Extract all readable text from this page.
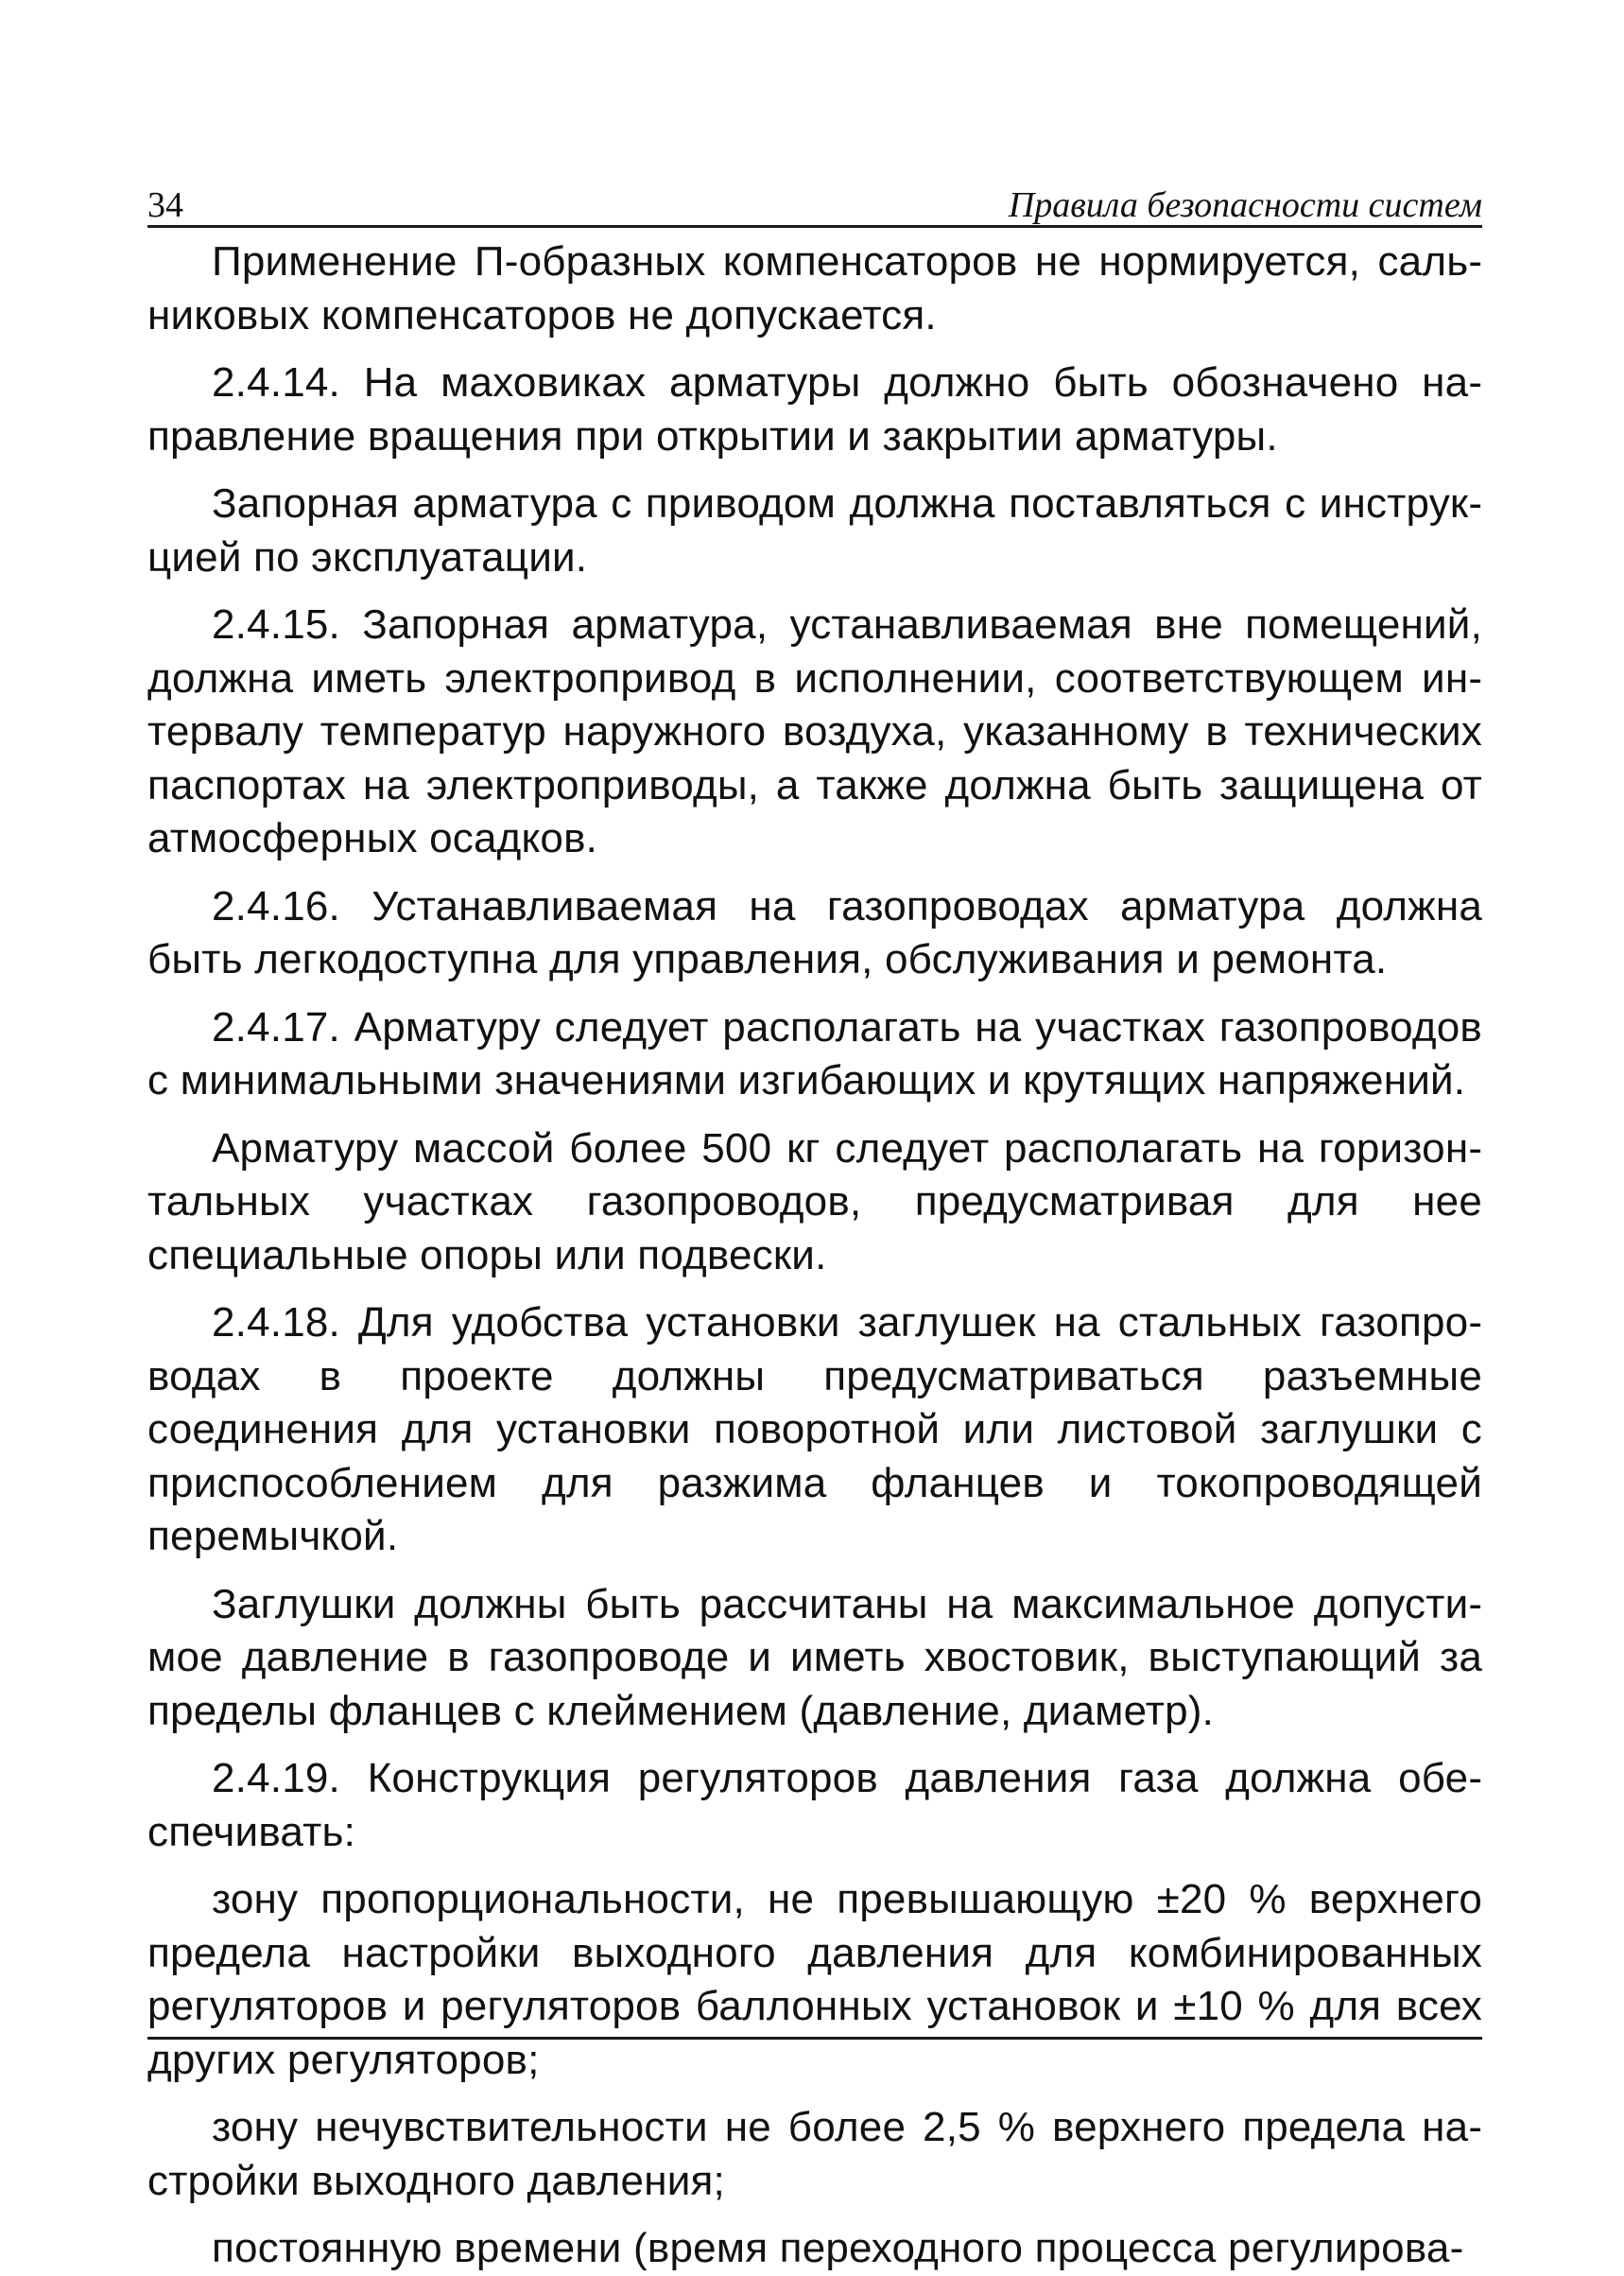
34	Правила безопасности систем

Применение П-образных компенсаторов не нормируется, сальниковых компенсаторов не допускается.

2.4.14. На маховиках арматуры должно быть обозначено направление вращения при открытии и закрытии арматуры.

Запорная арматура с приводом должна поставляться с инструкцией по эксплуатации.

2.4.15. Запорная арматура, устанавливаемая вне помещений, должна иметь электропривод в исполнении, соответствующем интервалу температур наружного воздуха, указанному в технических паспортах на электроприводы, а также должна быть защищена от атмосферных осадков.

2.4.16. Устанавливаемая на газопроводах арматура должна быть легкодоступна для управления, обслуживания и ремонта.

2.4.17. Арматуру следует располагать на участках газопроводов с минимальными значениями изгибающих и крутящих напряжений.

Арматуру массой более 500 кг следует располагать на горизонтальных участках газопроводов, предусматривая для нее специальные опоры или подвески.

2.4.18. Для удобства установки заглушек на стальных газопроводах в проекте должны предусматриваться разъемные соединения для установки поворотной или листовой заглушки с приспособлением для разжима фланцев и токопроводящей перемычкой.

Заглушки должны быть рассчитаны на максимальное допустимое давление в газопроводе и иметь хвостовик, выступающий за пределы фланцев с клеймением (давление, диаметр).

2.4.19. Конструкция регуляторов давления газа должна обеспечивать:

зону пропорциональности, не превышающую ±20 % верхнего предела настройки выходного давления для комбинированных регуляторов и регуляторов баллонных установок и ±10 % для всех других регуляторов;

зону нечувствительности не более 2,5 % верхнего предела настройки выходного давления;

постоянную времени (время переходного процесса регулирова-
